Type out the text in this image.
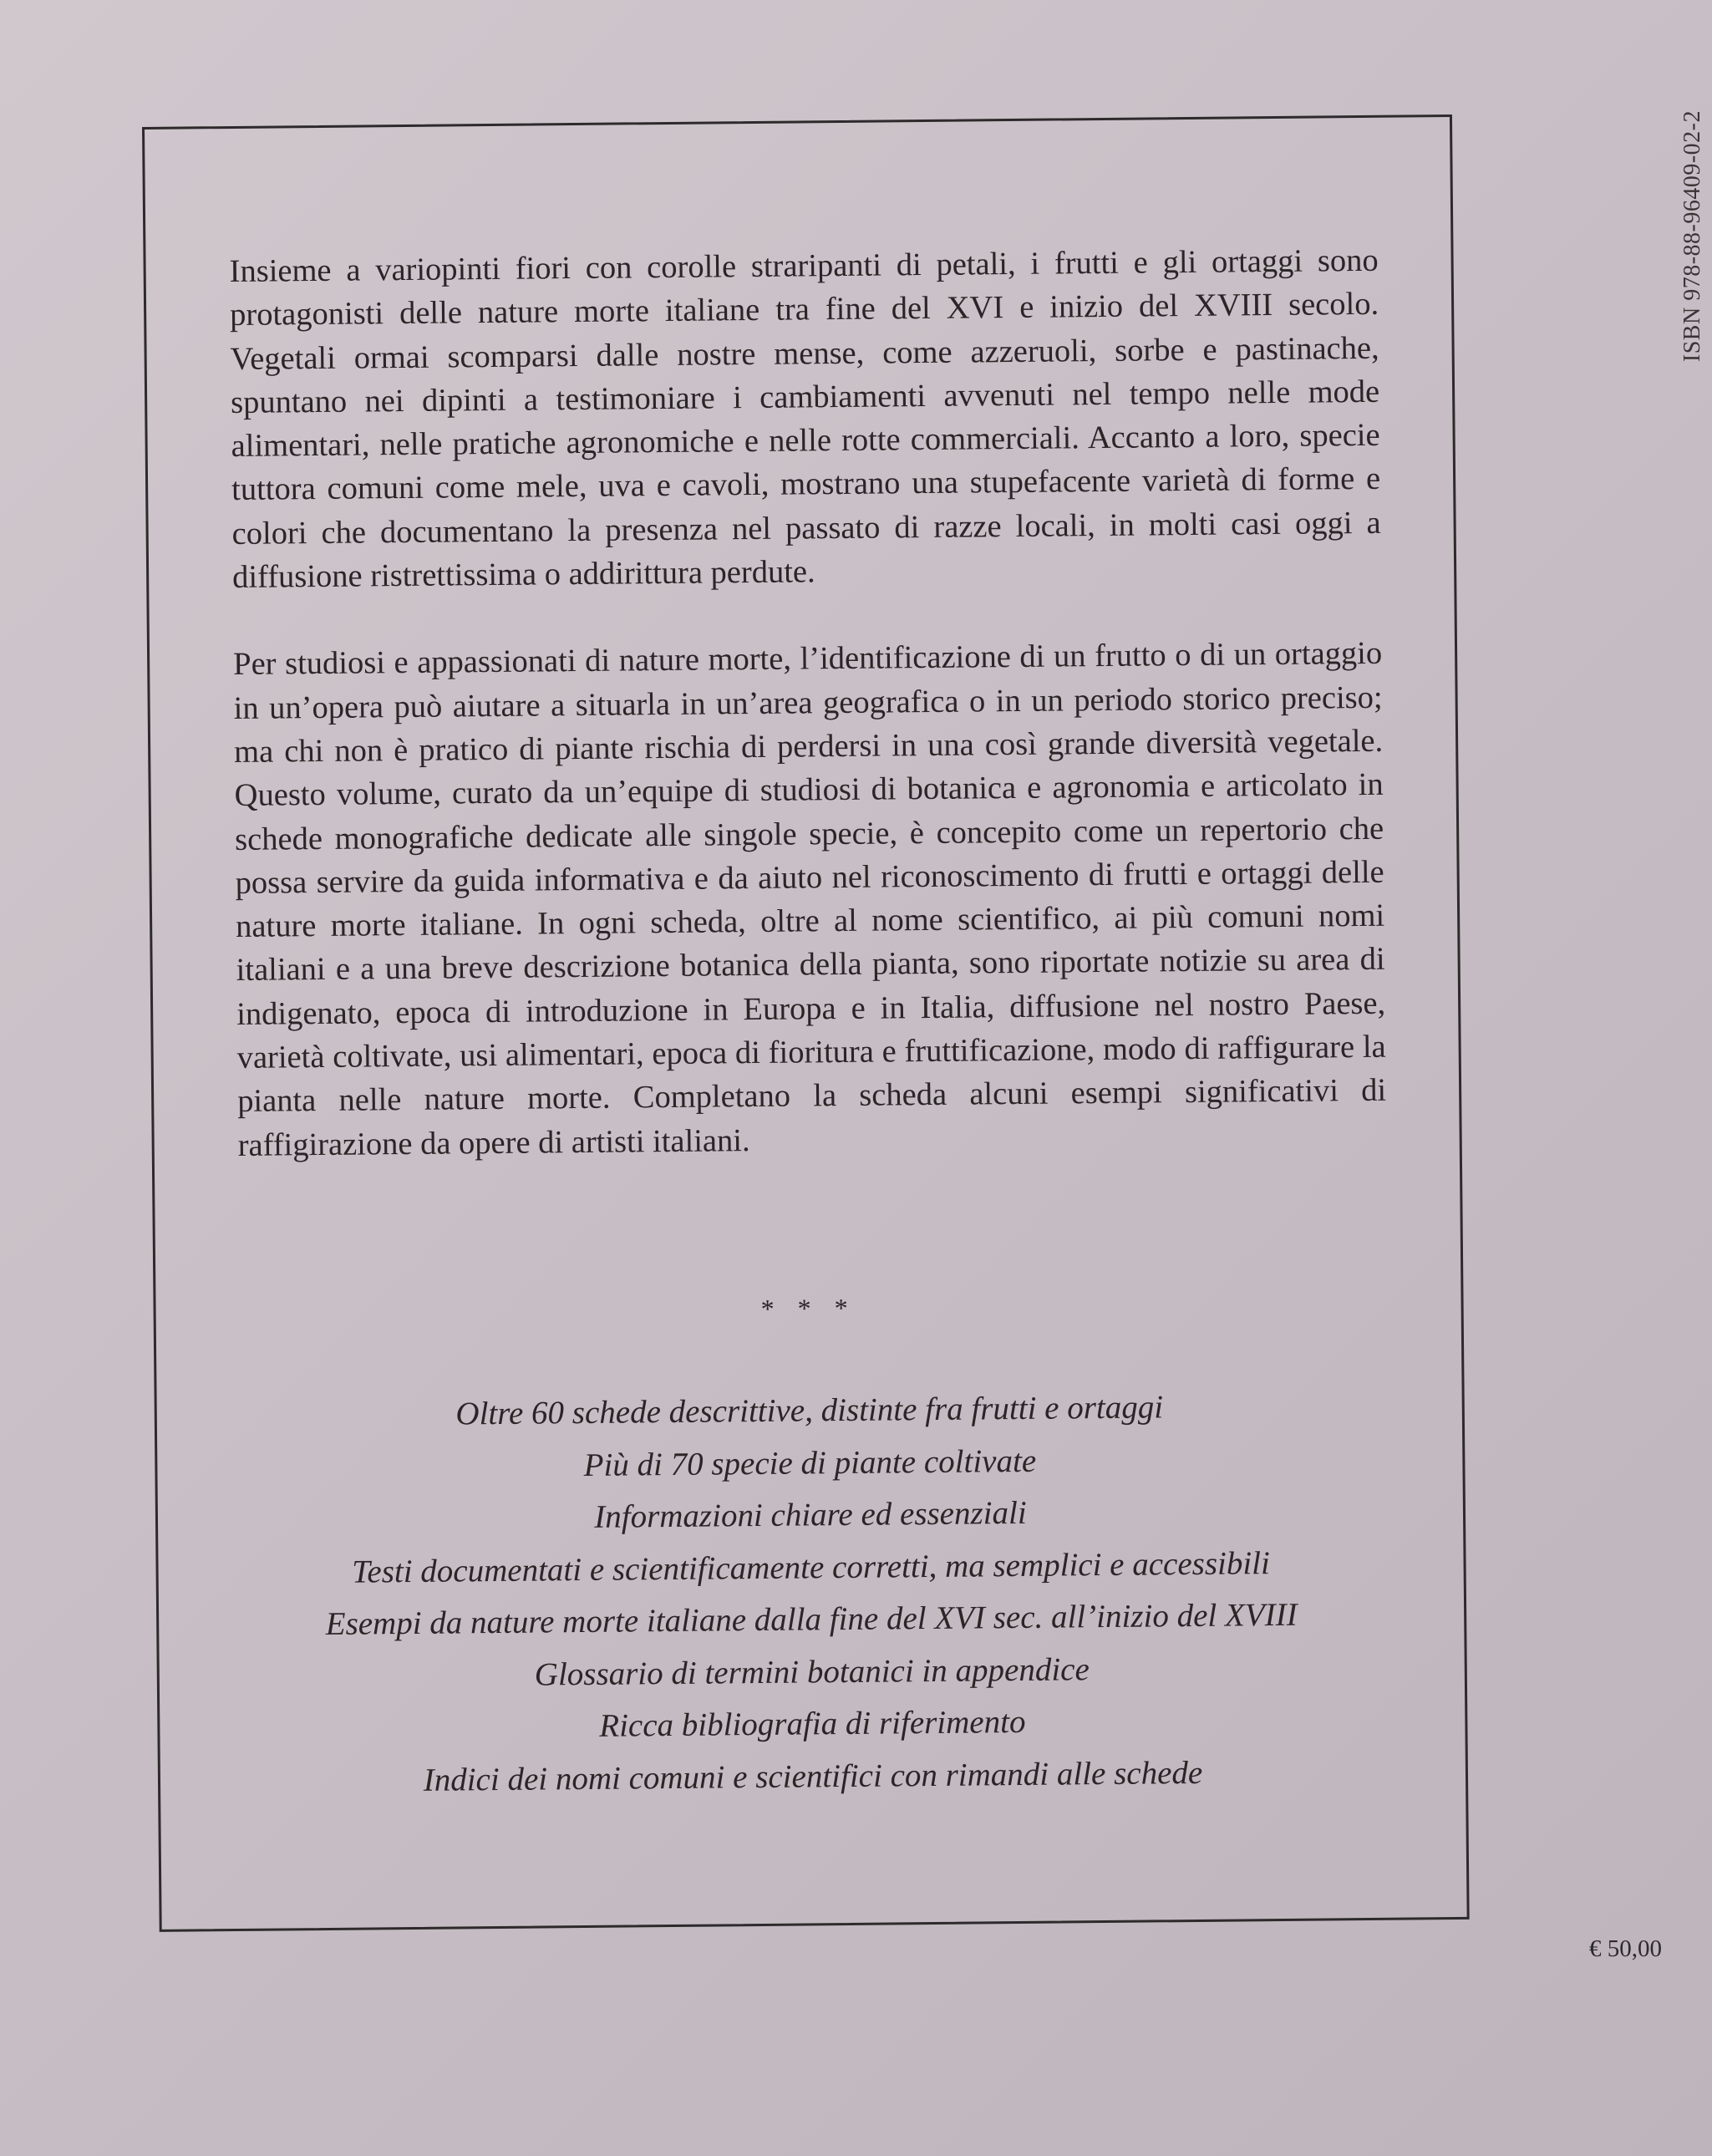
Insieme a variopinti fiori con corolle straripanti di petali, i frutti e gli ortaggi sono protagonisti delle nature morte italiane tra fine del XVI e inizio del XVIII secolo. Vegetali ormai scomparsi dalle nostre mense, come azzeruoli, sorbe e pastinache, spuntano nei dipinti a testimoniare i cambiamenti avvenuti nel tempo nelle mode alimentari, nelle pratiche agronomiche e nelle rotte commerciali. Accanto a loro, specie tuttora comuni come mele, uva e cavoli, mostrano una stupefacente varietà di forme e colori che documentano la presenza nel passato di razze locali, in molti casi oggi a diffusione ristrettissima o addirittura perdute.

Per studiosi e appassionati di nature morte, l’identificazione di un frutto o di un ortaggio in un’opera può aiutare a situarla in un’area geografica o in un periodo storico preciso; ma chi non è pratico di piante rischia di perdersi in una così grande diversità vegetale. Questo volume, curato da un’equipe di studiosi di botanica e agronomia e articolato in schede monografiche dedicate alle singole specie, è concepito come un repertorio che possa servire da guida informativa e da aiuto nel riconoscimento di frutti e ortaggi delle nature morte italiane. In ogni scheda, oltre al nome scientifico, ai più comuni nomi italiani e a una breve descrizione botanica della pianta, sono riportate notizie su area di indigenato, epoca di introduzione in Europa e in Italia, diffusione nel nostro Paese, varietà coltivate, usi alimentari, epoca di fioritura e fruttificazione, modo di raffigurare la pianta nelle nature morte. Completano la scheda alcuni esempi significativi di raffigirazione da opere di artisti italiani.

* * *
Oltre 60 schede descrittive, distinte fra frutti e ortaggi
Più di 70 specie di piante coltivate
Informazioni chiare ed essenziali
Testi documentati e scientificamente corretti, ma semplici e accessibili
Esempi da nature morte italiane dalla fine del XVI sec. all’inizio del XVIII
Glossario di termini botanici in appendice
Ricca bibliografia di riferimento
Indici dei nomi comuni e scientifici con rimandi alle schede
ISBN 978-88-96409-02-2
€ 50,00
